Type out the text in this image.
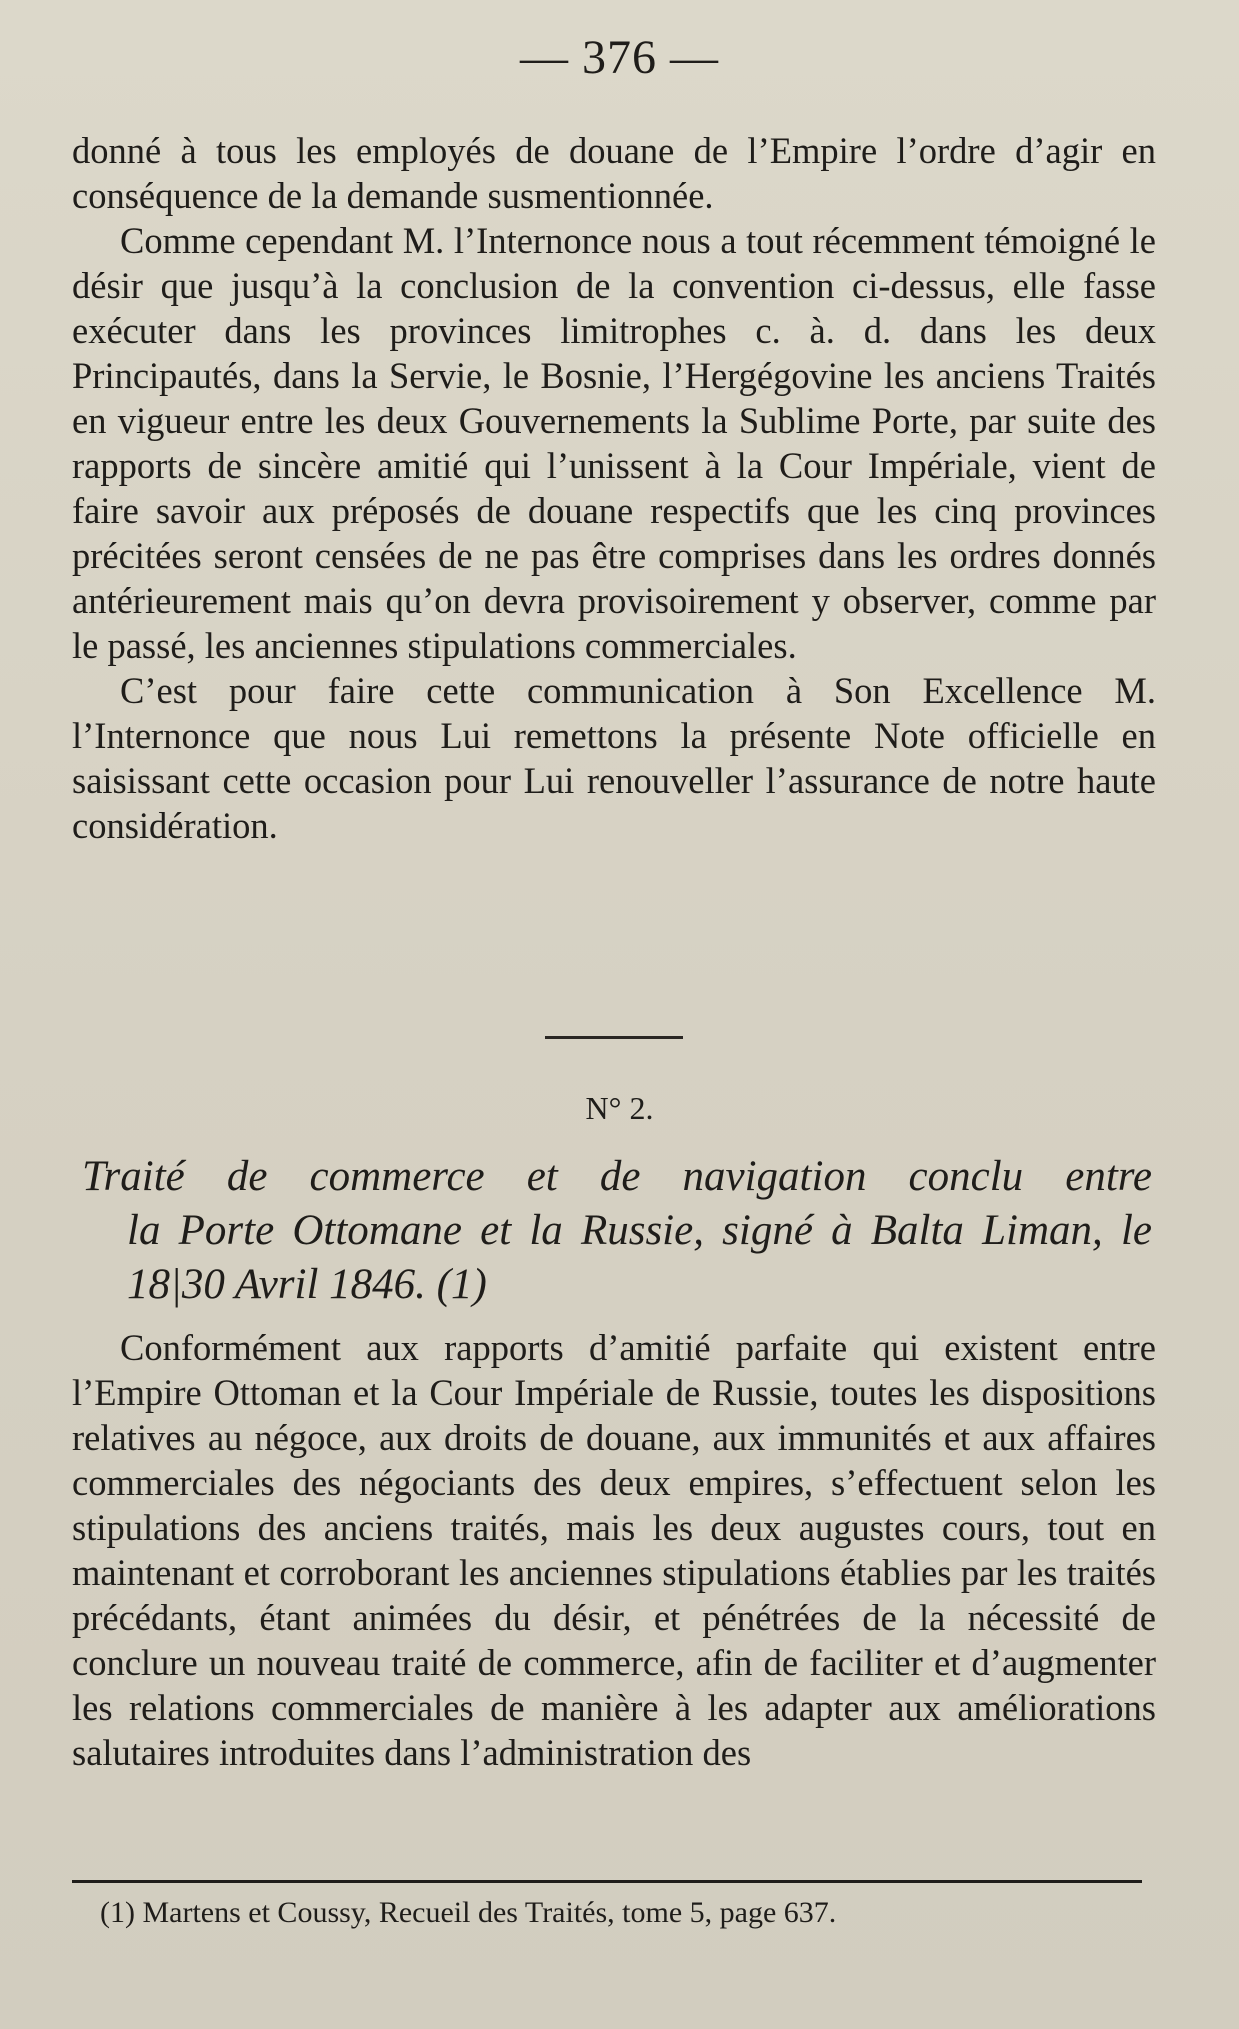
— 376 —

donné à tous les employés de douane de l’Empire l’ordre d’agir en conséquence de la demande susmentionnée.

Comme cependant M. l’Internonce nous a tout récemment témoigné le désir que jusqu’à la conclusion de la convention ci-dessus, elle fasse exécuter dans les provinces limitrophes c. à. d. dans les deux Principautés, dans la Servie, le Bosnie, l’Hergégovine les anciens Traités en vigueur entre les deux Gouvernements la Sublime Porte, par suite des rapports de sincère amitié qui l’unissent à la Cour Impériale, vient de faire savoir aux préposés de douane respectifs que les cinq provinces précitées seront censées de ne pas être comprises dans les ordres donnés antérieurement mais qu’on devra provisoirement y observer, comme par le passé, les anciennes stipulations commerciales.

C’est pour faire cette communication à Son Excellence M. l’Internonce que nous Lui remettons la présente Note officielle en saisissant cette occasion pour Lui renouveller l’assurance de notre haute considération.

N° 2.
Traité de commerce et de navigation conclu entre
la Porte Ottomane et la Russie, signé à Balta Liman, le 18|30 Avril 1846. (1)

Conformément aux rapports d’amitié parfaite qui existent entre l’Empire Ottoman et la Cour Impériale de Russie, toutes les dispositions relatives au négoce, aux droits de douane, aux immunités et aux affaires commerciales des négociants des deux empires, s’effectuent selon les stipulations des anciens traités, mais les deux augustes cours, tout en maintenant et corroborant les anciennes stipulations établies par les traités précédants, étant animées du désir, et pénétrées de la nécessité de conclure un nouveau traité de commerce, afin de faciliter et d’augmenter les relations commerciales de manière à les adapter aux améliorations salutaires introduites dans l’administration des

(1) Martens et Coussy, Recueil des Traités, tome 5, page 637.
